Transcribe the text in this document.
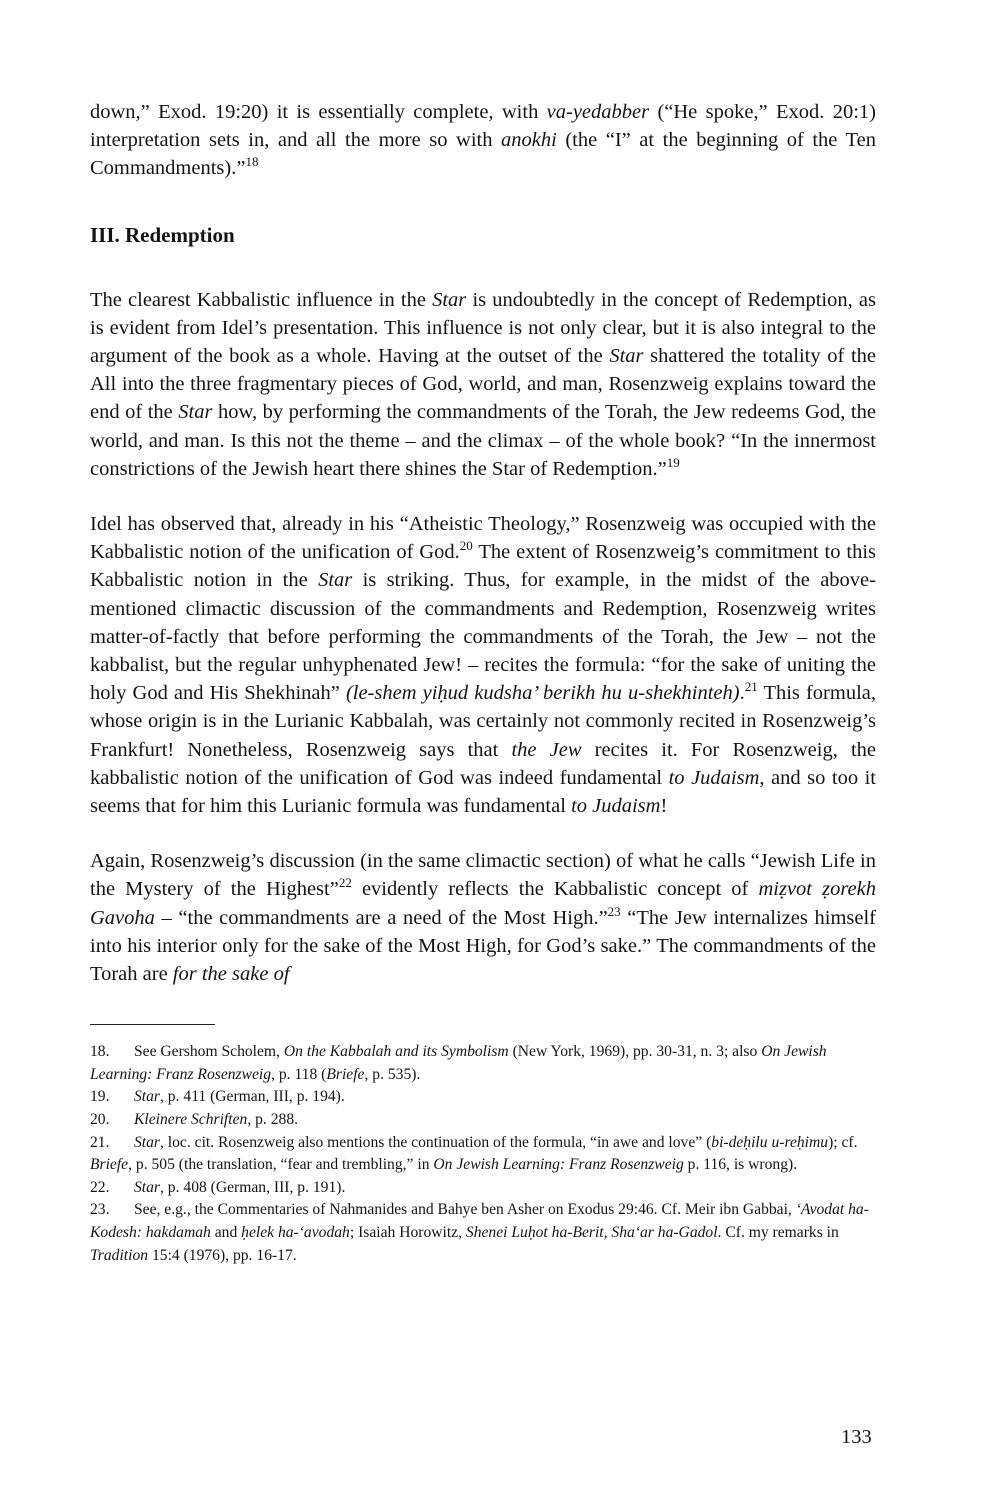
down,” Exod. 19:20) it is essentially complete, with va-yedabber (“He spoke,” Exod. 20:1) interpretation sets in, and all the more so with anokhi (the “I” at the beginning of the Ten Commandments).”$^{18}$

III. Redemption

The clearest Kabbalistic influence in the Star is undoubtedly in the concept of Redemption, as is evident from Idel’s presentation. This influence is not only clear, but it is also integral to the argument of the book as a whole. Having at the outset of the Star shattered the totality of the All into the three fragmentary pieces of God, world, and man, Rosenzweig explains toward the end of the Star how, by performing the commandments of the Torah, the Jew redeems God, the world, and man. Is this not the theme – and the climax – of the whole book? “In the innermost constrictions of the Jewish heart there shines the Star of Redemption.”$^{19}$

Idel has observed that, already in his “Atheistic Theology,” Rosenzweig was occupied with the Kabbalistic notion of the unification of God.$^{20}$ The extent of Rosenzweig’s commitment to this Kabbalistic notion in the Star is striking. Thus, for example, in the midst of the above-mentioned climactic discussion of the commandments and Redemption, Rosenzweig writes matter-of-factly that before performing the commandments of the Torah, the Jew – not the kabbalist, but the regular unhyphenated Jew! – recites the formula: “for the sake of uniting the holy God and His Shekhinah” (le-shem yiḥud kudsha’ berikh hu u-shekhinteh).$^{21}$ This formula, whose origin is in the Lurianic Kabbalah, was certainly not commonly recited in Rosenzweig’s Frankfurt! Nonetheless, Rosenzweig says that the Jew recites it. For Rosenzweig, the kabbalistic notion of the unification of God was indeed fundamental to Judaism, and so too it seems that for him this Lurianic formula was fundamental to Judaism!

Again, Rosenzweig’s discussion (in the same climactic section) of what he calls “Jewish Life in the Mystery of the Highest”$^{22}$ evidently reflects the Kabbalistic concept of miẓvot ẓorekh Gavoha – “the commandments are a need of the Most High.”$^{23}$ “The Jew internalizes himself into his interior only for the sake of the Most High, for God’s sake.” The commandments of the Torah are for the sake of

18. See Gershom Scholem, On the Kabbalah and its Symbolism (New York, 1969), pp. 30-31, n. 3; also On Jewish Learning: Franz Rosenzweig, p. 118 (Briefe, p. 535).

19. Star, p. 411 (German, III, p. 194).

20. Kleinere Schriften, p. 288.

21. Star, loc. cit. Rosenzweig also mentions the continuation of the formula, “in awe and love” (bi-deḥilu u-reḥimu); cf. Briefe, p. 505 (the translation, “fear and trembling,” in On Jewish Learning: Franz Rosenzweig p. 116, is wrong).

22. Star, p. 408 (German, III, p. 191).

23. See, e.g., the Commentaries of Nahmanides and Bahye ben Asher on Exodus 29:46. Cf. Meir ibn Gabbai, ʻAvodat ha-Kodesh: hakdamah and ḥelek ha-ʻavodah; Isaiah Horowitz, Shenei Luḥot ha-Berit, Shaʻar ha-Gadol. Cf. my remarks in Tradition 15:4 (1976), pp. 16-17.

133
